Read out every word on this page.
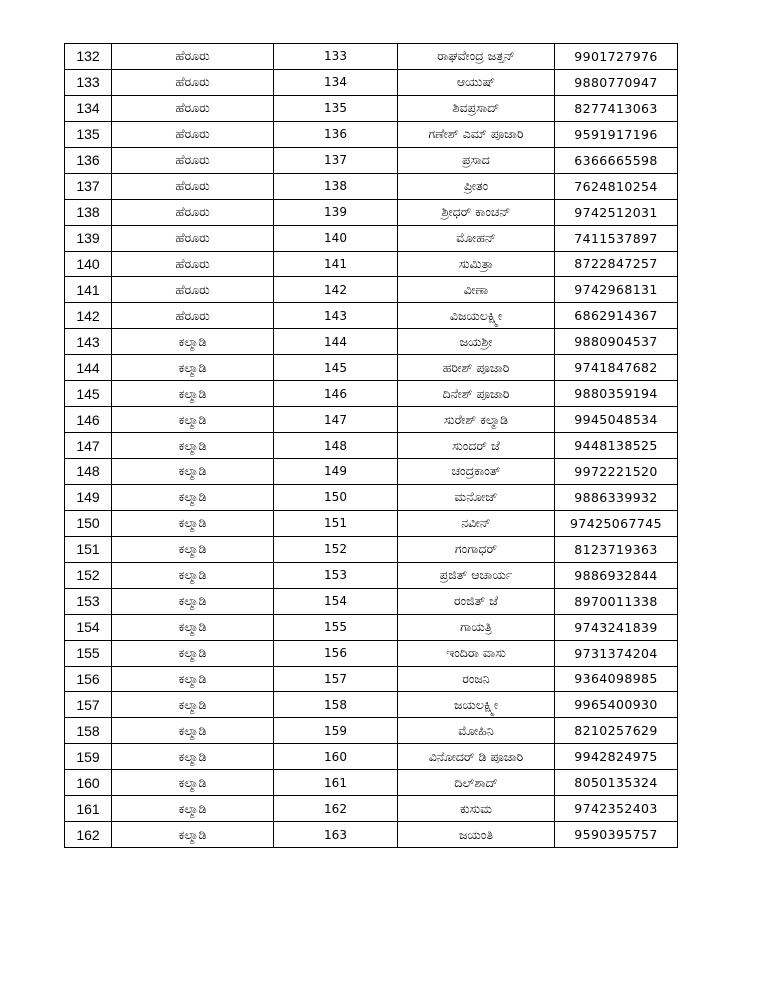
132	ಹೆರೂರು	133	ರಾಘವೇಂದ್ರ ಜತ್ತನ್	9901727976
133	ಹೆರೂರು	134	ಆಯುಷ್	9880770947
134	ಹೆರೂರು	135	ಶಿವಪ್ರಸಾದ್	8277413063
135	ಹೆರೂರು	136	ಗಣೇಶ್ ಎಮ್ ಪೂಜಾರಿ	9591917196
136	ಹೆರೂರು	137	ಪ್ರಸಾದ	6366665598
137	ಹೆರೂರು	138	ಪ್ರೀತಂ	7624810254
138	ಹೆರೂರು	139	ಶ್ರೀಧರ್ ಕಾಂಚನ್	9742512031
139	ಹೆರೂರು	140	ಮೋಹನ್	7411537897
140	ಹೆರೂರು	141	ಸುಮಿತ್ರಾ	8722847257
141	ಹೆರೂರು	142	ವೀಣಾ	9742968131
142	ಹೆರೂರು	143	ವಿಜಯಲಕ್ಷ್ಮೀ	6862914367
143	ಕಲ್ಮಾಡಿ	144	ಜಯಶ್ರೀ	9880904537
144	ಕಲ್ಮಾಡಿ	145	ಹರೀಶ್ ಪೂಜಾರಿ	9741847682
145	ಕಲ್ಮಾಡಿ	146	ದಿನೇಶ್ ಪೂಜಾರಿ	9880359194
146	ಕಲ್ಮಾಡಿ	147	ಸುರೇಶ್ ಕಲ್ಮಾಡಿ	9945048534
147	ಕಲ್ಮಾಡಿ	148	ಸುಂದರ್ ಜೆ	9448138525
148	ಕಲ್ಮಾಡಿ	149	ಚಂದ್ರಕಾಂತ್	9972221520
149	ಕಲ್ಮಾಡಿ	150	ಮನೋಜ್	9886339932
150	ಕಲ್ಮಾಡಿ	151	ನವೀನ್	97425067745
151	ಕಲ್ಮಾಡಿ	152	ಗಂಗಾಧರ್	8123719363
152	ಕಲ್ಮಾಡಿ	153	ಪ್ರಜಿತ್ ಆಚಾರ್ಯ	9886932844
153	ಕಲ್ಮಾಡಿ	154	ರಂಜಿತ್ ಜೆ	8970011338
154	ಕಲ್ಮಾಡಿ	155	ಗಾಯತ್ರಿ	9743241839
155	ಕಲ್ಮಾಡಿ	156	ಇಂದಿರಾ ವಾಸು	9731374204
156	ಕಲ್ಮಾಡಿ	157	ರಂಜನಿ	9364098985
157	ಕಲ್ಮಾಡಿ	158	ಜಯಲಕ್ಷ್ಮೀ	9965400930
158	ಕಲ್ಮಾಡಿ	159	ಮೋಹಿನಿ	8210257629
159	ಕಲ್ಮಾಡಿ	160	ವಿನೋದರ್ ಡಿ ಪೂಜಾರಿ	9942824975
160	ಕಲ್ಮಾಡಿ	161	ದಿಲ್‌ಶಾದ್	8050135324
161	ಕಲ್ಮಾಡಿ	162	ಕುಸುಮ	9742352403
162	ಕಲ್ಮಾಡಿ	163	ಜಯಂತಿ	9590395757
